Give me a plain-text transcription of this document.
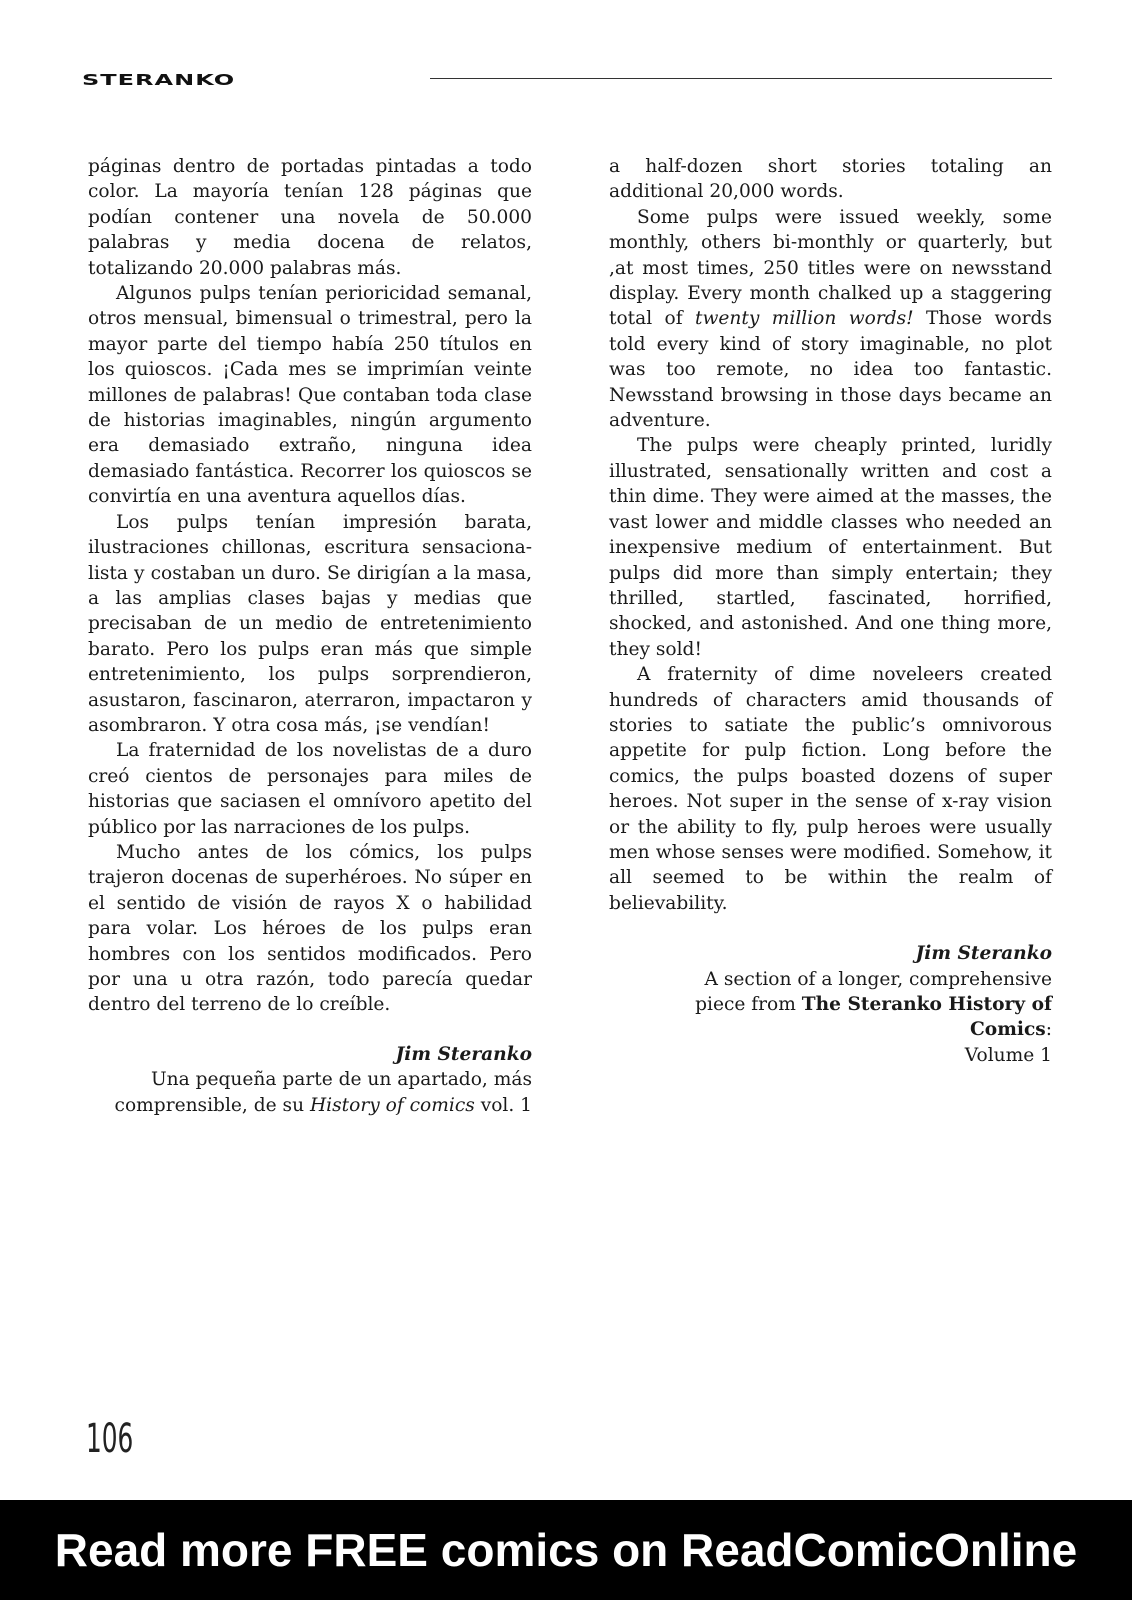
STERANKO

páginas dentro de portadas pintadas a todo color. La mayoría tenían 128 páginas que podían contener una novela de 50.000 palabras y media docena de relatos, totalizando 20.000 palabras más.

Algunos pulps tenían perioricidad semanal, otros mensual, bimensual o trimestral, pero la mayor parte del tiempo había 250 títulos en los quioscos. ¡Cada mes se imprimían veinte millones de palabras! Que contaban toda clase de historias imaginables, ningún argumento era demasiado extraño, ninguna idea demasiado fantástica. Recorrer los quioscos se convirtía en una aventura aquellos días.

Los pulps tenían impresión barata, ilustraciones chillonas, escritura sensaciona-lista y costaban un duro. Se dirigían a la masa, a las amplias clases bajas y medias que precisaban de un medio de entretenimiento barato. Pero los pulps eran más que simple entretenimiento, los pulps sorprendieron, asustaron, fascinaron, aterraron, impactaron y asombraron. Y otra cosa más, ¡se vendían!

La fraternidad de los novelistas de a duro creó cientos de personajes para miles de historias que saciasen el omnívoro apetito del público por las narraciones de los pulps.

Mucho antes de los cómics, los pulps trajeron docenas de superhéroes. No súper en el sentido de visión de rayos X o habilidad para volar. Los héroes de los pulps eran hombres con los sentidos modificados. Pero por una u otra razón, todo parecía quedar dentro del terreno de lo creíble.

Jim Steranko
Una pequeña parte de un apartado, más
comprensible, de su History of comics vol. 1

a half-dozen short stories totaling an additional 20,000 words.

Some pulps were issued weekly, some monthly, others bi-monthly or quarterly, but ,at most times, 250 titles were on newsstand display. Every month chalked up a staggering total of twenty million words! Those words told every kind of story imaginable, no plot was too remote, no idea too fantastic. Newsstand browsing in those days became an adventure.

The pulps were cheaply printed, luridly illustrated, sensationally written and cost a thin dime. They were aimed at the masses, the vast lower and middle classes who needed an inexpensive medium of entertainment. But pulps did more than simply entertain; they thrilled, startled, fascinated, horrified, shocked, and astonished. And one thing more, they sold!

A fraternity of dime noveleers created hundreds of characters amid thousands of stories to satiate the public’s omnivorous appetite for pulp fiction. Long before the comics, the pulps boasted dozens of super heroes. Not super in the sense of x-ray vision or the ability to fly, pulp heroes were usually men whose senses were modified. Somehow, it all seemed to be within the realm of believability.

Jim Steranko
A section of a longer, comprehensive
piece from The Steranko History of Comics:
Volume 1
106
Read more FREE comics on ReadComicOnline
